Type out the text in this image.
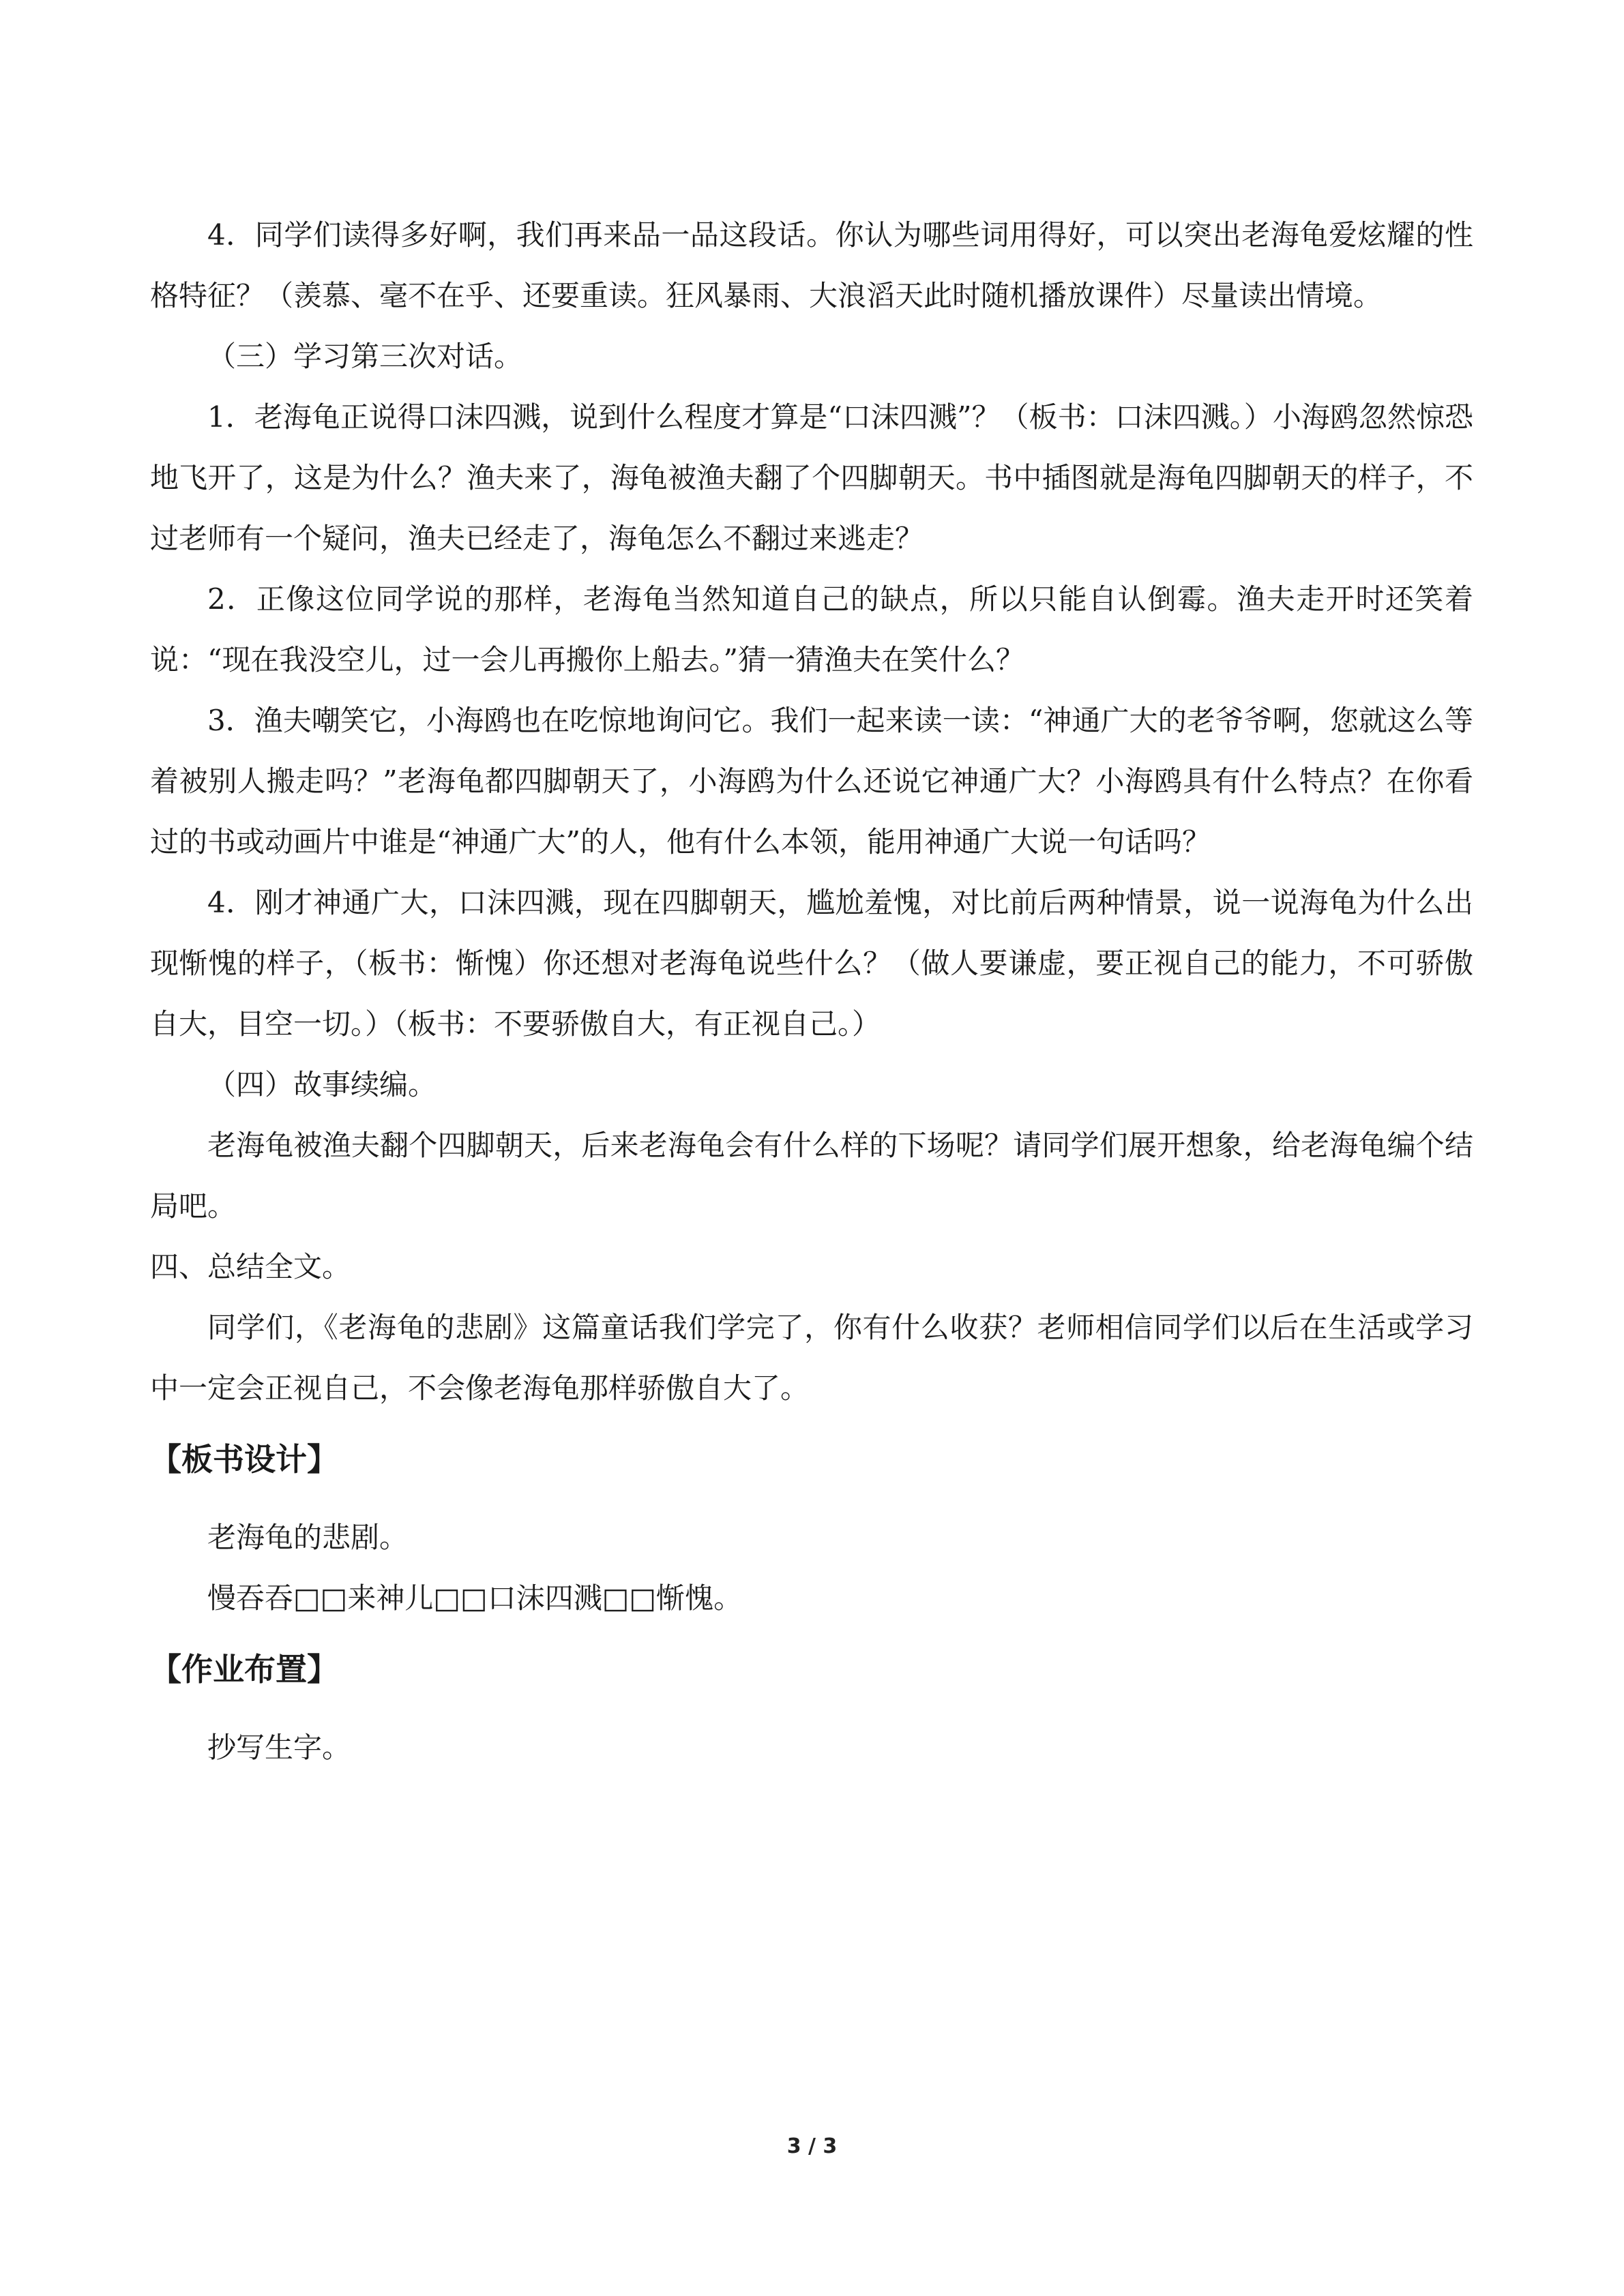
4．同学们读得多好啊，我们再来品一品这段话。你认为哪些词用得好，可以突出老海龟爱炫耀的性格特征？（羡慕、毫不在乎、还要重读。狂风暴雨、大浪滔天此时随机播放课件）尽量读出情境。

（三）学习第三次对话。

1．老海龟正说得口沫四溅，说到什么程度才算是“口沫四溅”？（板书：口沫四溅。）小海鸥忽然惊恐地飞开了，这是为什么？渔夫来了，海龟被渔夫翻了个四脚朝天。书中插图就是海龟四脚朝天的样子，不过老师有一个疑问，渔夫已经走了，海龟怎么不翻过来逃走？

2．正像这位同学说的那样，老海龟当然知道自己的缺点，所以只能自认倒霉。渔夫走开时还笑着说：“现在我没空儿，过一会儿再搬你上船去。”猜一猜渔夫在笑什么？

3．渔夫嘲笑它，小海鸥也在吃惊地询问它。我们一起来读一读：“神通广大的老爷爷啊，您就这么等着被别人搬走吗？”老海龟都四脚朝天了，小海鸥为什么还说它神通广大？小海鸥具有什么特点？在你看过的书或动画片中谁是“神通广大”的人，他有什么本领，能用神通广大说一句话吗？

4．刚才神通广大，口沫四溅，现在四脚朝天，尴尬羞愧，对比前后两种情景，说一说海龟为什么出现惭愧的样子，（板书：惭愧）你还想对老海龟说些什么？（做人要谦虚，要正视自己的能力，不可骄傲自大，目空一切。）（板书：不要骄傲自大，有正视自己。）

（四）故事续编。

老海龟被渔夫翻个四脚朝天，后来老海龟会有什么样的下场呢？请同学们展开想象，给老海龟编个结局吧。

四、总结全文。

同学们，《老海龟的悲剧》这篇童话我们学完了，你有什么收获？老师相信同学们以后在生活或学习中一定会正视自己，不会像老海龟那样骄傲自大了。

【板书设计】

老海龟的悲剧。

慢吞吞□□来神儿□□口沫四溅□□惭愧。

【作业布置】

抄写生字。

3 / 3
